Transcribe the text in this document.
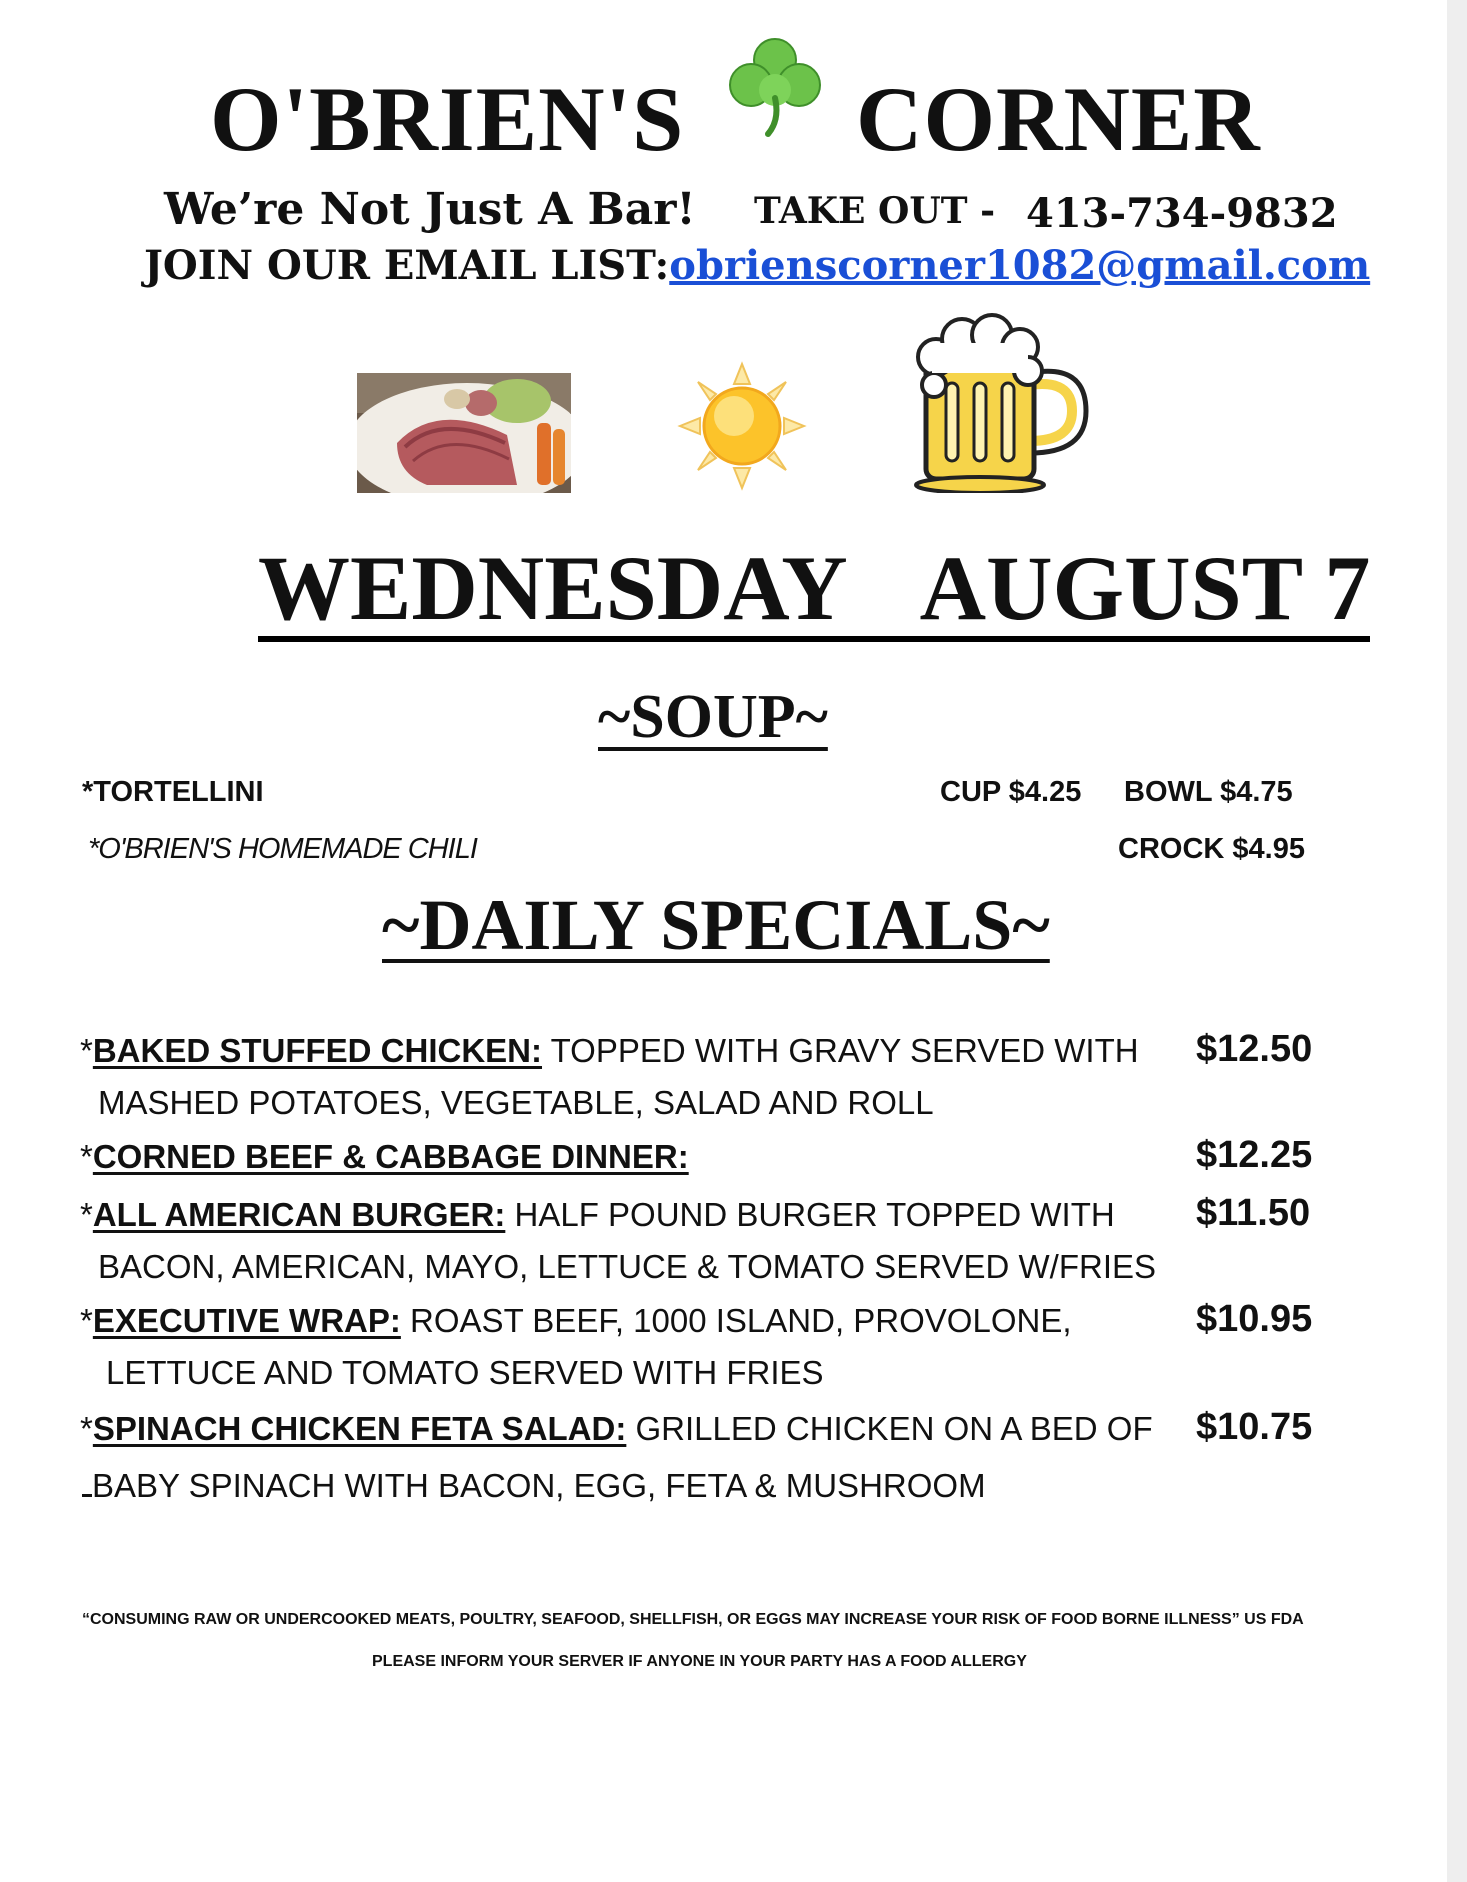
O'BRIEN'S CORNER
We’re Not Just A Bar! TAKE OUT - 413-734-9832
JOIN OUR EMAIL LIST:obrienscorner1082@gmail.com
WEDNESDAY AUGUST 7
~SOUP~
*TORTELLINI	CUP $4.25 BOWL $4.75
*O'BRIEN'S HOMEMADE CHILI	CROCK $4.95
~DAILY SPECIALS~
*BAKED STUFFED CHICKEN: TOPPED WITH GRAVY SERVED WITH
MASHED POTATOES, VEGETABLE, SALAD AND ROLL
$12.50
*CORNED BEEF & CABBAGE DINNER:	$12.25
*ALL AMERICAN BURGER: HALF POUND BURGER TOPPED WITH
BACON, AMERICAN, MAYO, LETTUCE & TOMATO SERVED W/FRIES
$11.50
*EXECUTIVE WRAP: ROAST BEEF, 1000 ISLAND, PROVOLONE,
LETTUCE AND TOMATO SERVED WITH FRIES
$10.95
*SPINACH CHICKEN FETA SALAD: GRILLED CHICKEN ON A BED OF
BABY SPINACH WITH BACON, EGG, FETA & MUSHROOM
$10.75
“CONSUMING RAW OR UNDERCOOKED MEATS, POULTRY, SEAFOOD, SHELLFISH, OR EGGS MAY INCREASE YOUR RISK OF FOOD BORNE ILLNESS” US FDA
PLEASE INFORM YOUR SERVER IF ANYONE IN YOUR PARTY HAS A FOOD ALLERGY
